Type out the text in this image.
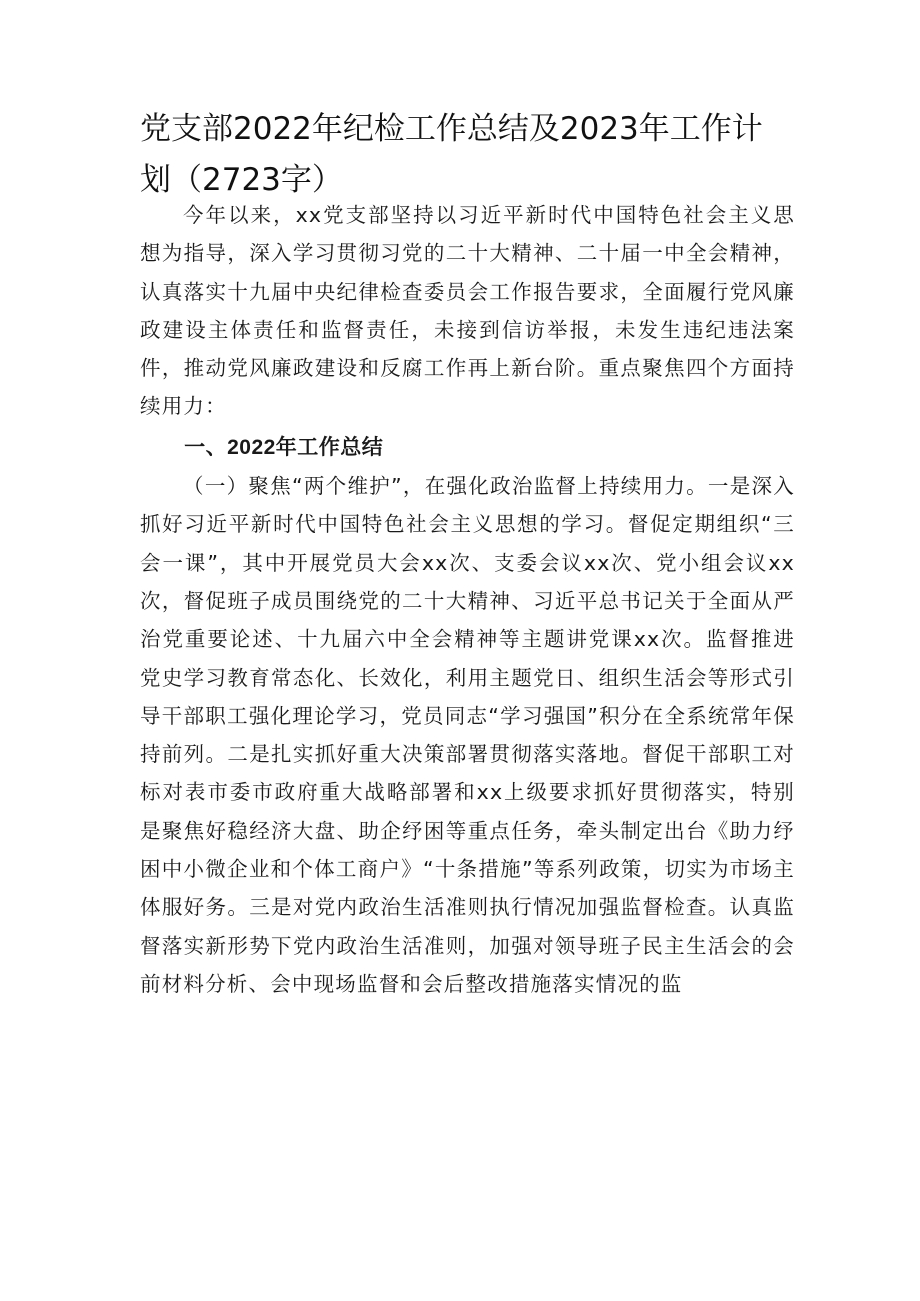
党支部2022年纪检工作总结及2023年工作计划（2723字）

今年以来，xx党支部坚持以习近平新时代中国特色社会主义思想为指导，深入学习贯彻习党的二十大精神、二十届一中全会精神，认真落实十九届中央纪律检查委员会工作报告要求，全面履行党风廉政建设主体责任和监督责任，未接到信访举报，未发生违纪违法案件，推动党风廉政建设和反腐工作再上新台阶。重点聚焦四个方面持续用力：

一、2022年工作总结

（一）聚焦“两个维护”，在强化政治监督上持续用力。一是深入抓好习近平新时代中国特色社会主义思想的学习。督促定期组织“三会一课”，其中开展党员大会xx次、支委会议xx次、党小组会议xx次，督促班子成员围绕党的二十大精神、习近平总书记关于全面从严治党重要论述、十九届六中全会精神等主题讲党课xx次。监督推进党史学习教育常态化、长效化，利用主题党日、组织生活会等形式引导干部职工强化理论学习，党员同志“学习强国”积分在全系统常年保持前列。二是扎实抓好重大决策部署贯彻落实落地。督促干部职工对标对表市委市政府重大战略部署和xx上级要求抓好贯彻落实，特别是聚焦好稳经济大盘、助企纾困等重点任务，牵头制定出台《助力纾困中小微企业和个体工商户》“十条措施”等系列政策，切实为市场主体服好务。三是对党内政治生活准则执行情况加强监督检查。认真监督落实新形势下党内政治生活准则，加强对领导班子民主生活会的会前材料分析、会中现场监督和会后整改措施落实情况的监
